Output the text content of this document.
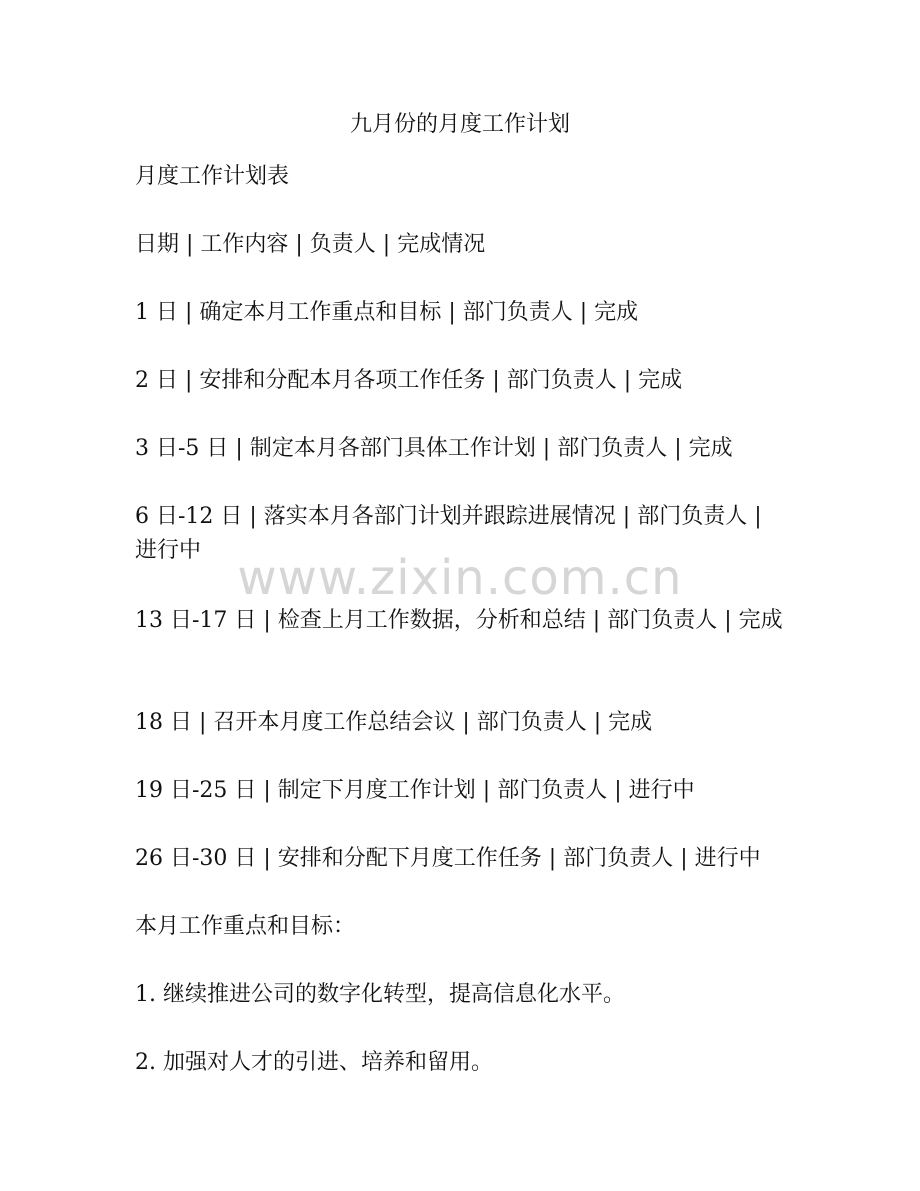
九月份的月度工作计划
月度工作计划表
日期 | 工作内容 | 负责人 | 完成情况
1 日 | 确定本月工作重点和目标 | 部门负责人 | 完成
2 日 | 安排和分配本月各项工作任务 | 部门负责人 | 完成
3 日-5 日 | 制定本月各部门具体工作计划 | 部门负责人 | 完成
6 日-12 日 | 落实本月各部门计划并跟踪进展情况 | 部门负责人 | 进行中
13 日-17 日 | 检查上月工作数据，分析和总结 | 部门负责人 | 完成
18 日 | 召开本月度工作总结会议 | 部门负责人 | 完成
19 日-25 日 | 制定下月度工作计划 | 部门负责人 | 进行中
26 日-30 日 | 安排和分配下月度工作任务 | 部门负责人 | 进行中
本月工作重点和目标：
1. 继续推进公司的数字化转型，提高信息化水平。
2. 加强对人才的引进、培养和留用。
www.zixin.com.cn
